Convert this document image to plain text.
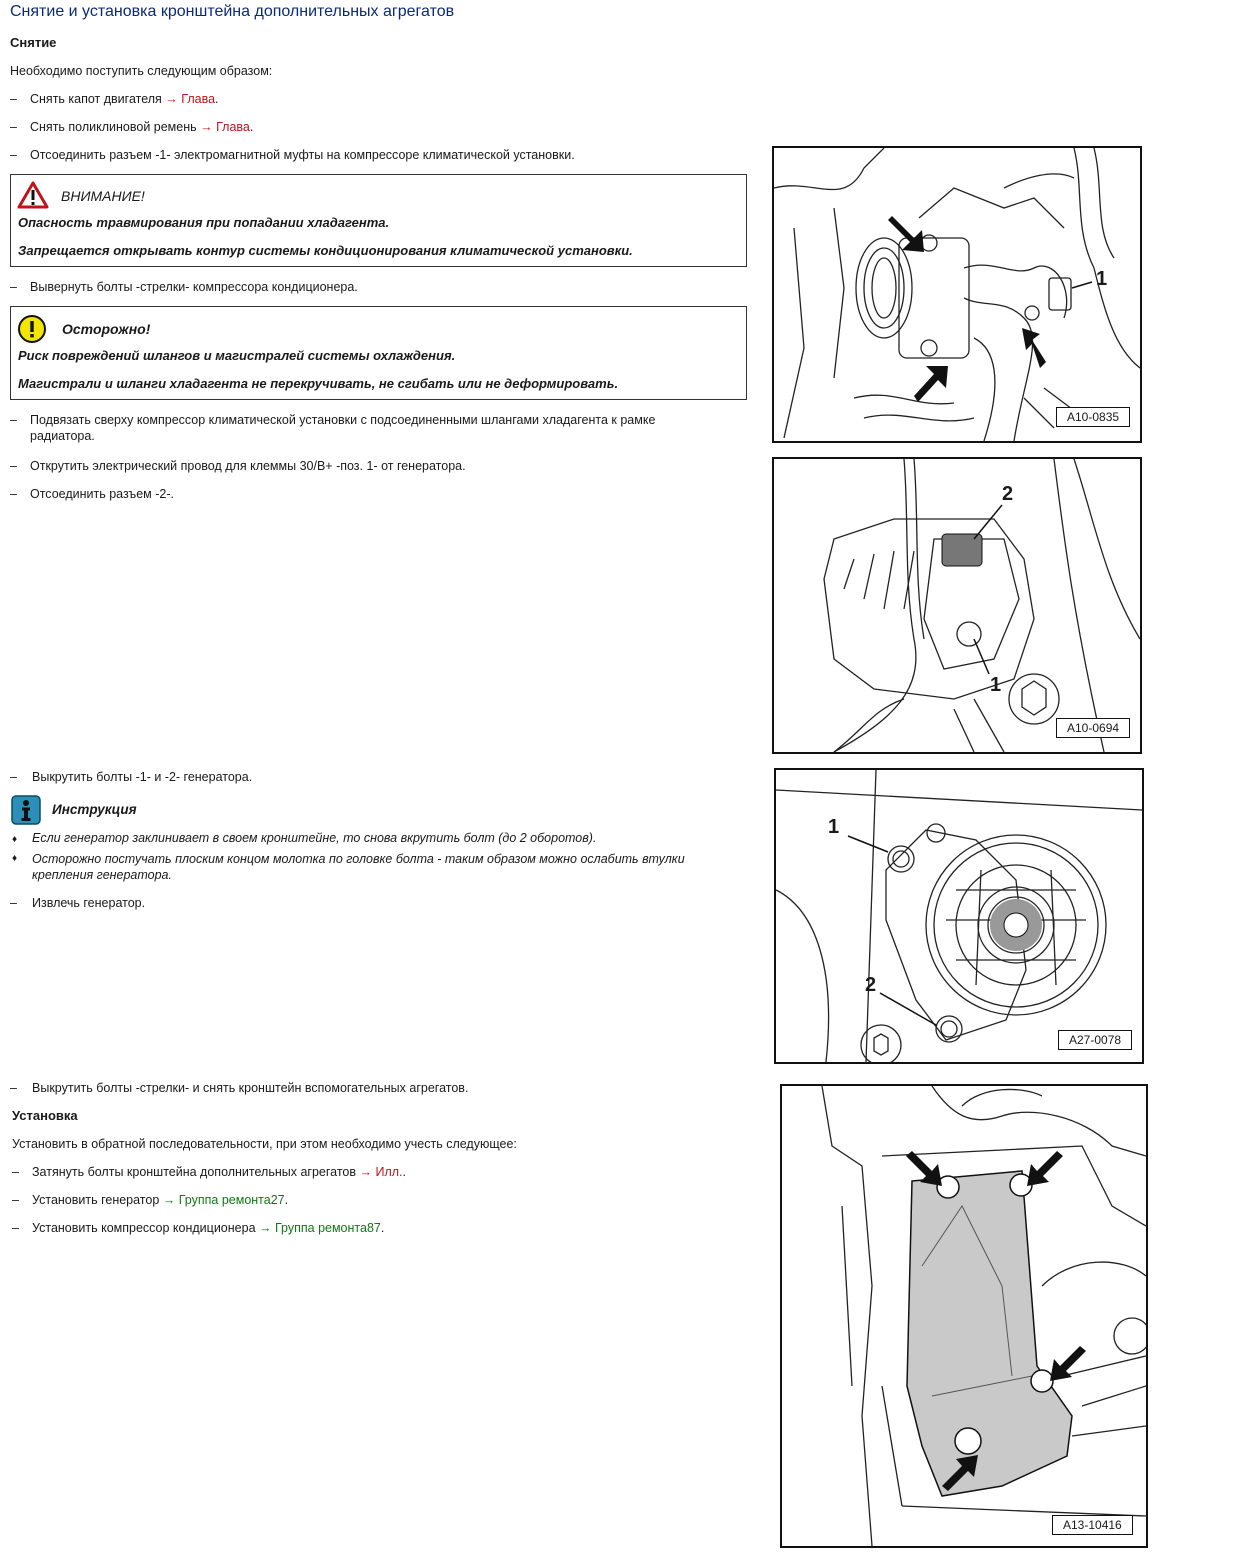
Снятие и установка кронштейна дополнительных агрегатов
Снятие
Необходимо поступить следующим образом:
– Снять капот двигателя → Глава.
– Снять поликлиновой ремень → Глава.
– Отсоединить разъем -1- электромагнитной муфты на компрессоре климатической установки.
ВНИМАНИЕ!
Опасность травмирования при попадании хладагента.
Запрещается открывать контур системы кондиционирования климатической установки.
– Вывернуть болты -стрелки- компрессора кондиционера.
Осторожно!
Риск повреждений шлангов и магистралей системы охлаждения.
Магистрали и шланги хладагента не перекручивать, не сгибать или не деформировать.
–	Подвязать сверху компрессор климатической установки с подсоединенными шлангами хладагента к рамке радиатора.
– Открутить электрический провод для клеммы 30/B+ -поз. 1- от генератора.
– Отсоединить разъем -2-.
– Выкрутить болты -1- и -2- генератора.
Инструкция
♦ Если генератор заклинивает в своем кронштейне, то снова вкрутить болт (до 2 оборотов).
♦	Осторожно постучать плоским концом молотка по головке болта - таким образом можно ослабить втулки крепления генератора.
– Извлечь генератор.
– Выкрутить болты -стрелки- и снять кронштейн вспомогательных агрегатов.
Установка
Установить в обратной последовательности, при этом необходимо учесть следующее:
– Затянуть болты кронштейна дополнительных агрегатов → Илл..
– Установить генератор → Группа ремонта27.
– Установить компрессор кондиционера → Группа ремонта87.
1
A10-0835
2
1
A10-0694
1
2
A27-0078
A13-10416
